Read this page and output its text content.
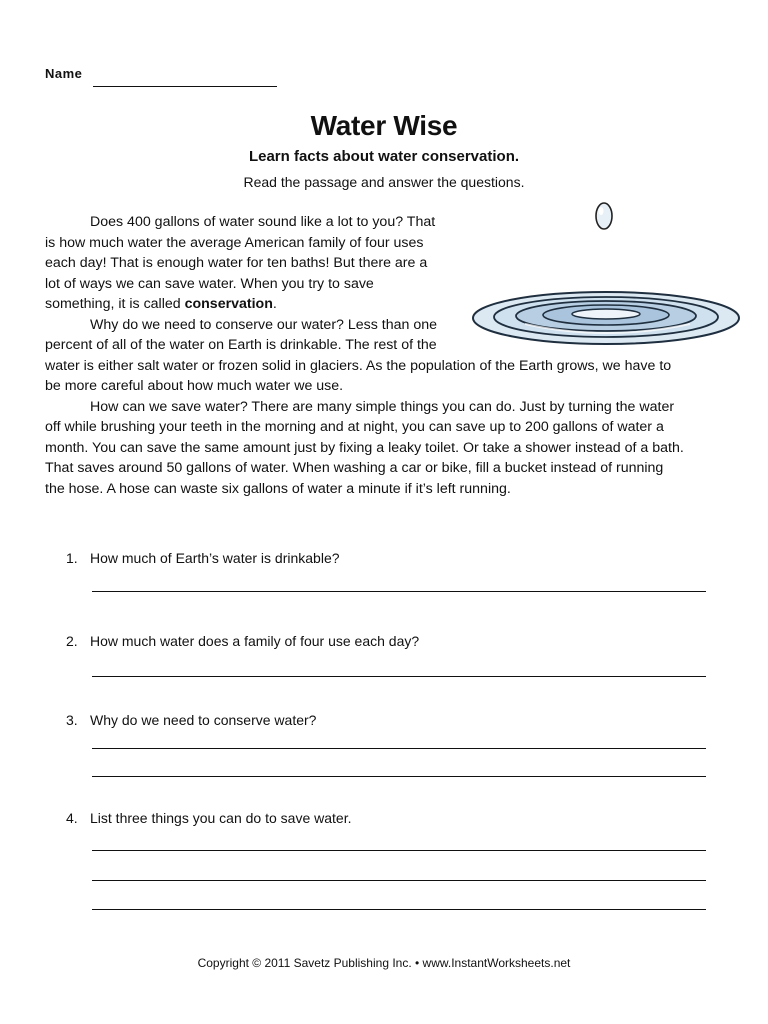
Name
Water Wise
Learn facts about water conservation.
Read the passage and answer the questions.

Does 400 gallons of water sound like a lot to you? That

is how much water the average American family of four uses

each day! That is enough water for ten baths! But there are a

lot of ways we can save water. When you try to save

something, it is called conservation.

Why do we need to conserve our water? Less than one

percent of all of the water on Earth is drinkable. The rest of the

water is either salt water or frozen solid in glaciers. As the population of the Earth grows, we have to

be more careful about how much water we use.

How can we save water? There are many simple things you can do. Just by turning the water

off while brushing your teeth in the morning and at night, you can save up to 200 gallons of water a

month. You can save the same amount just by fixing a leaky toilet. Or take a shower instead of a bath.

That saves around 50 gallons of water. When washing a car or bike, fill a bucket instead of running

the hose. A hose can waste six gallons of water a minute if it’s left running.

1. How much of Earth’s water is drinkable?
2. How much water does a family of four use each day?
3. Why do we need to conserve water?
4. List three things you can do to save water.
Copyright © 2011 Savetz Publishing Inc. • www.InstantWorksheets.net
